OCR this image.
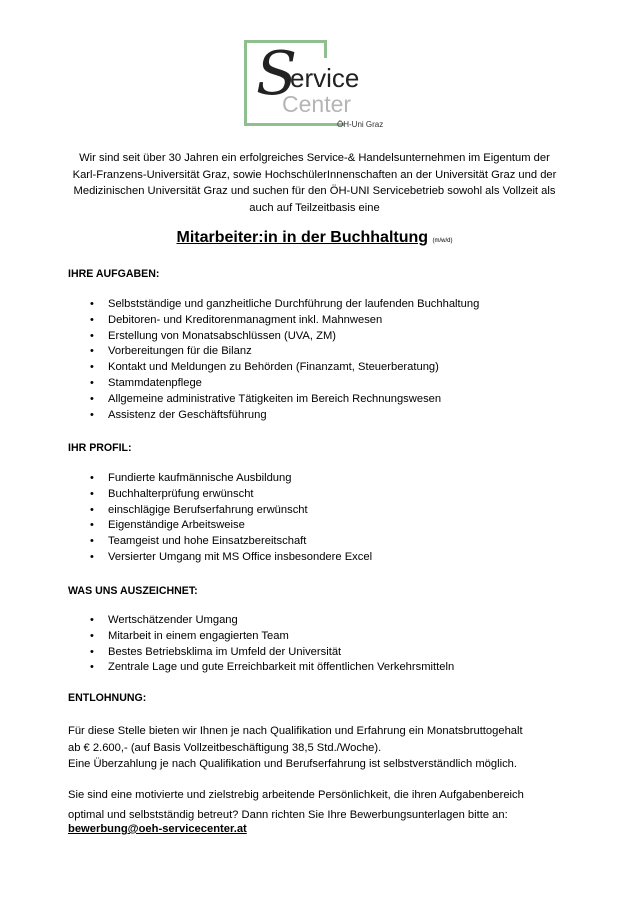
S
ervice
Center
ÖH-Uni Graz
Wir sind seit über 30 Jahren ein erfolgreiches Service-& Handelsunternehmen im Eigentum der Karl-Franzens-Universität Graz, sowie HochschülerInnenschaften an der Universität Graz und der Medizinischen Universität Graz und suchen für den ÖH-UNI Servicebetrieb sowohl als Vollzeit als auch auf Teilzeitbasis eine
Mitarbeiter:in in der Buchhaltung (m/w/d)
IHRE AUFGABEN:
• Selbstständige und ganzheitliche Durchführung der laufenden Buchhaltung
• Debitoren- und Kreditorenmanagment inkl. Mahnwesen
• Erstellung von Monatsabschlüssen (UVA, ZM)
• Vorbereitungen für die Bilanz
• Kontakt und Meldungen zu Behörden (Finanzamt, Steuerberatung)
• Stammdatenpflege
• Allgemeine administrative Tätigkeiten im Bereich Rechnungswesen
• Assistenz der Geschäftsführung
IHR PROFIL:
• Fundierte kaufmännische Ausbildung
• Buchhalterprüfung erwünscht
• einschlägige Berufserfahrung erwünscht
• Eigenständige Arbeitsweise
• Teamgeist und hohe Einsatzbereitschaft
• Versierter Umgang mit MS Office insbesondere Excel
WAS UNS AUSZEICHNET:
• Wertschätzender Umgang
• Mitarbeit in einem engagierten Team
• Bestes Betriebsklima im Umfeld der Universität
• Zentrale Lage und gute Erreichbarkeit mit öffentlichen Verkehrsmitteln
ENTLOHNUNG:
Für diese Stelle bieten wir Ihnen je nach Qualifikation und Erfahrung ein Monatsbruttogehalt
ab € 2.600,- (auf Basis Vollzeitbeschäftigung 38,5 Std./Woche).
Eine Überzahlung je nach Qualifikation und Berufserfahrung ist selbstverständlich möglich.
Sie sind eine motivierte und zielstrebig arbeitende Persönlichkeit, die ihren Aufgabenbereich
optimal und selbstständig betreut? Dann richten Sie Ihre Bewerbungsunterlagen bitte an:
bewerbung@oeh-servicecenter.at
